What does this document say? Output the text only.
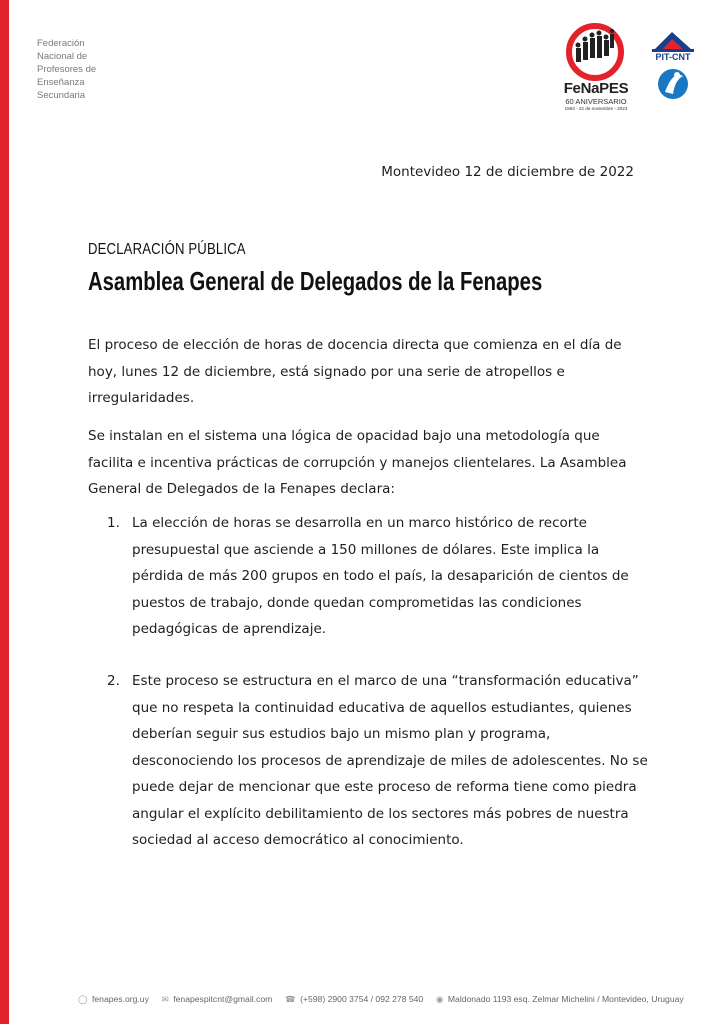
Federación
Nacional de
Profesores de
Enseñanza
Secundaria	FeNaPES
60 ANIVERSARIO
1963 - 22 de noviembre - 2023
PIT-CNT
Montevideo 12 de diciembre de 2022
DECLARACIÓN PÚBLICA
Asamblea General de Delegados de la Fenapes

El proceso de elección de horas de docencia directa que comienza en el día de hoy, lunes 12 de diciembre, está signado por una serie de atropellos e irregularidades.

Se instalan en el sistema una lógica de opacidad bajo una metodología que facilita e incentiva prácticas de corrupción y manejos clientelares. La Asamblea General de Delegados de la Fenapes declara:

1. La elección de horas se desarrolla en un marco histórico de recorte presupuestal que asciende a 150 millones de dólares. Este implica la pérdida de más 200 grupos en todo el país, la desaparición de cientos de puestos de trabajo, donde quedan comprometidas las condiciones pedagógicas de aprendizaje.
2. Este proceso se estructura en el marco de una “transformación educativa” que no respeta la continuidad educativa de aquellos estudiantes, quienes deberían seguir sus estudios bajo un mismo plan y programa, desconociendo los procesos de aprendizaje de miles de adolescentes. No se puede dejar de mencionar que este proceso de reforma tiene como piedra angular el explícito debilitamiento de los sectores más pobres de nuestra sociedad al acceso democrático al conocimiento.
◯ fenapes.org.uy ✉ fenapespitcnt@gmail.com ☎ (+598) 2900 3754 / 092 278 540 ◉ Maldonado 1193 esq. Zelmar Michelini / Montevideo, Uruguay
